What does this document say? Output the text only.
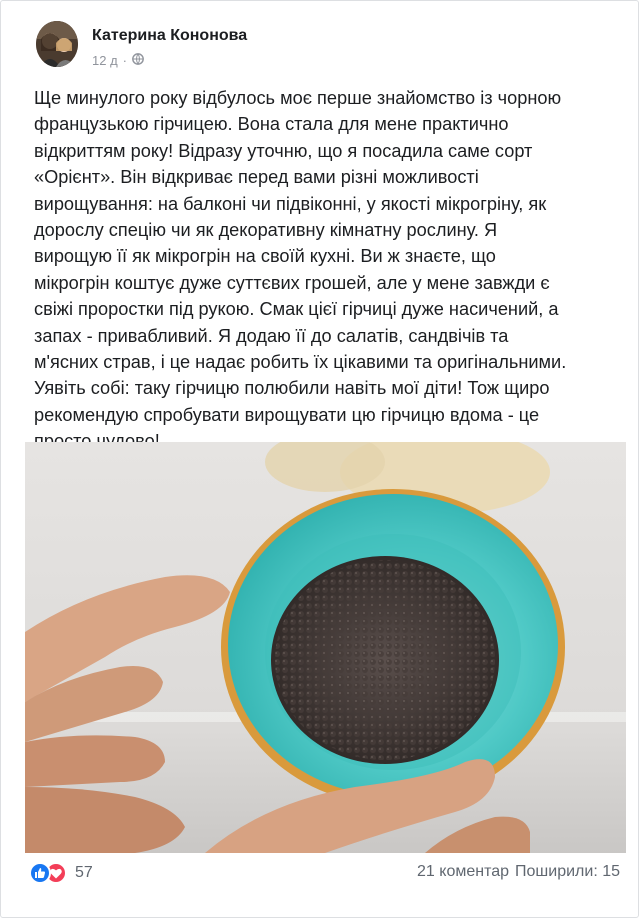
Катерина Кононова
12 д ·
Ще минулого року відбулось моє перше знайомство із чорною
французькою гірчицею. Вона стала для мене практично
відкриттям року! Відразу уточню, що я посадила саме сорт
«Орієнт». Він відкриває перед вами різні можливості
вирощування: на балконі чи підвіконні, у якості мікрогріну, як
дорослу спецію чи як декоративну кімнатну рослину. Я
вирощую її як мікрогрін на своїй кухні. Ви ж знаєте, що
мікрогрін коштує дуже суттєвих грошей, але у мене завжди є
свіжі проростки під рукою. Смак цієї гірчиці дуже насичений, а
запах - привабливий. Я додаю її до салатів, сандвічів та
м'ясних страв, і це надає робить їх цікавими та оригінальними.
Уявіть собі: таку гірчицю полюбили навіть мої діти! Тож щиро
рекомендую спробувати вирощувати цю гірчицю вдома - це
57	21 коментар Поширили: 15
